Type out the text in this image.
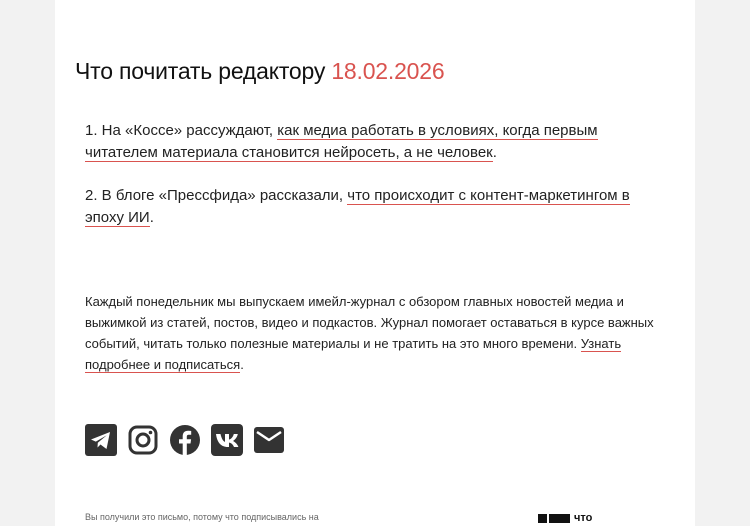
Что почитать редактору 18.02.2026

1. На «Коссе» рассуждают, как медиа работать в условиях, когда первым читателем материала становится нейросеть, а не человек.

2. В блоге «Прессфида» рассказали, что происходит с контент-маркетингом в эпоху ИИ.

Каждый понедельник мы выпускаем имейл-журнал с обзором главных новостей медиа и выжимкой из статей, постов, видео и подкастов. Журнал помогает оставаться в курсе важных событий, читать только полезные материалы и не тратить на это много времени. Узнать подробнее и подписаться.

Вы получили это письмо, потому что подписывались на	что
